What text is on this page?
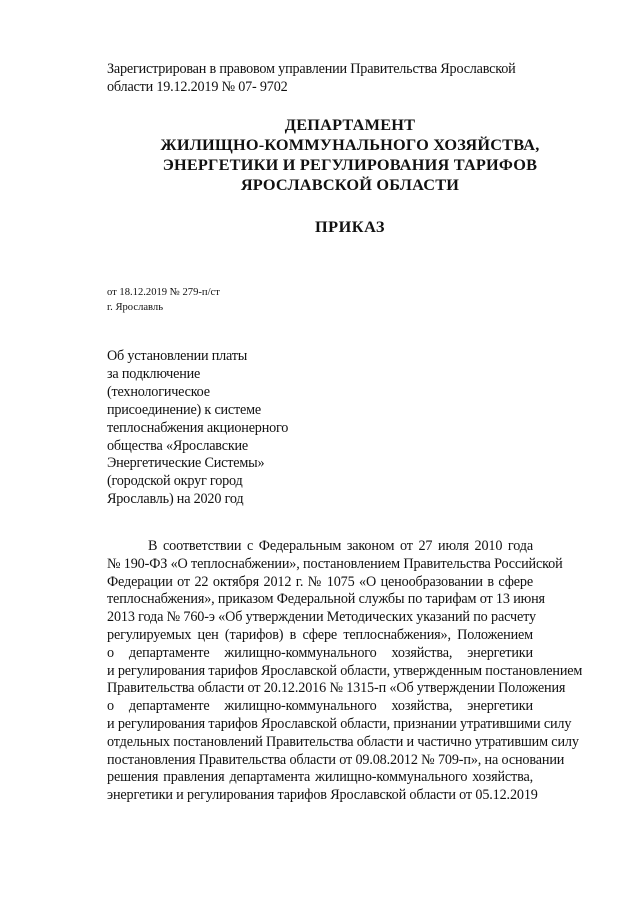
Зарегистрирован в правовом управлении Правительства Ярославской
области 19.12.2019 № 07- 9702
ДЕПАРТАМЕНТ
ЖИЛИЩНО-КОММУНАЛЬНОГО ХОЗЯЙСТВА,
ЭНЕРГЕТИКИ И РЕГУЛИРОВАНИЯ ТАРИФОВ
ЯРОСЛАВСКОЙ ОБЛАСТИ
ПРИКАЗ
от 18.12.2019 № 279-п/ст
г. Ярославль
Об установлении платы
за подключение
(технологическое
присоединение) к системе
теплоснабжения акционерного
общества «Ярославские
Энергетические Системы»
(городской округ город
Ярославль) на 2020 год
В соответствии с Федеральным законом от 27 июля 2010 года
№ 190-ФЗ «О теплоснабжении», постановлением Правительства Российской
Федерации от 22 октября 2012 г. № 1075 «О ценообразовании в сфере
теплоснабжения», приказом Федеральной службы по тарифам от 13 июня
2013 года № 760-э «Об утверждении Методических указаний по расчету
регулируемых цен (тарифов) в сфере теплоснабжения», Положением
о департаменте жилищно-коммунального хозяйства, энергетики
и регулирования тарифов Ярославской области, утвержденным постановлением
Правительства области от 20.12.2016 № 1315-п «Об утверждении Положения
о департаменте жилищно-коммунального хозяйства, энергетики
и регулирования тарифов Ярославской области, признании утратившими силу
отдельных постановлений Правительства области и частично утратившим силу
постановления Правительства области от 09.08.2012 № 709-п», на основании
решения правления департамента жилищно-коммунального хозяйства,
энергетики и регулирования тарифов Ярославской области от 05.12.2019
